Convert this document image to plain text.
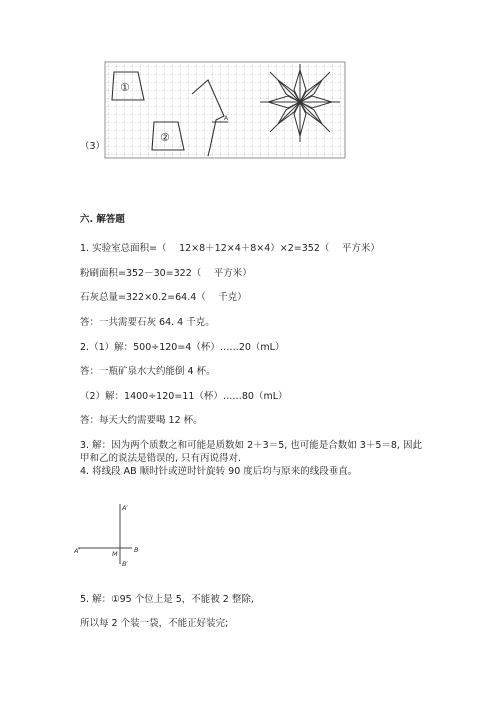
（3）
①
②
A
六. 解答题
1. 实验室总面积=（　 12×8＋12×4＋8×4）×2=352（　 平方米）
粉刷面积=352－30=322（　 平方米）
石灰总量=322×0.2=64.4（　 千克）
答：一共需要石灰 64. 4 千克。
2.（1）解：500÷120=4（杯）……20（mL）
答：一瓶矿泉水大约能倒 4 杯。
（2）解：1400÷120=11（杯）……80（mL）
答：每天大约需要喝 12 杯。
3. 解：因为两个质数之和可能是质数如 2＋3＝5, 也可能是合数如 3＋5＝8, 因此
甲和乙的说法是错误的, 只有丙说得对.
4. 将线段 AB 顺时针或逆时针旋转 90 度后均与原来的线段垂直。
A′
A′	M	B
B′
5. 解：①95 个位上是 5，不能被 2 整除,
所以每 2 个装一袋，不能正好装完;
